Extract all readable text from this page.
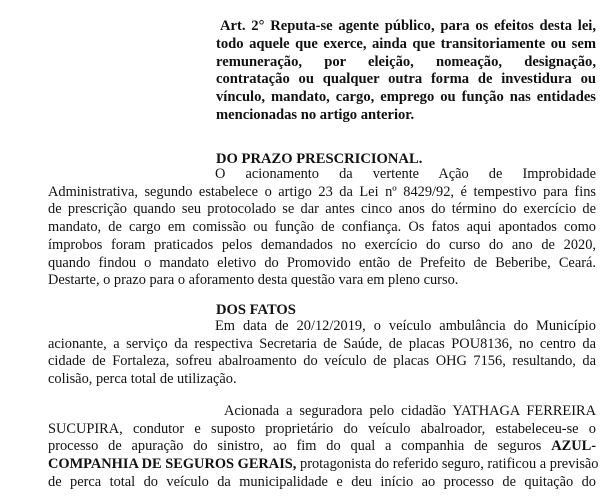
Art. 2° Reputa-se agente público, para os efeitos desta lei,
todo aquele que exerce, ainda que transitoriamente ou sem
remuneração, por eleição, nomeação, designação,
contratação ou qualquer outra forma de investidura ou
vínculo, mandato, cargo, emprego ou função nas entidades
mencionadas no artigo anterior.
DO PRAZO PRESCRICIONAL.
O acionamento da vertente Ação de Improbidade
Administrativa, segundo estabelece o artigo 23 da Lei nº 8429/92, é tempestivo para fins
de prescrição quando seu protocolado se dar antes cinco anos do término do exercício de
mandato, de cargo em comissão ou função de confiança. Os fatos aqui apontados como
ímprobos foram praticados pelos demandados no exercício do curso do ano de 2020,
quando findou o mandato eletivo do Promovido então de Prefeito de Beberibe, Ceará.
Destarte, o prazo para o aforamento desta questão vara em pleno curso.
DOS FATOS
Em data de 20/12/2019, o veículo ambulância do Município
acionante, a serviço da respectiva Secretaria de Saúde, de placas POU8136, no centro da
cidade de Fortaleza, sofreu abalroamento do veículo de placas OHG 7156, resultando, da
colisão, perca total de utilização.
Acionada a seguradora pelo cidadão YATHAGA FERREIRA
SUCUPIRA, condutor e suposto proprietário do veículo abalroador, estabeleceu-se o
processo de apuração do sinistro, ao fim do qual a companhia de seguros AZUL-
COMPANHIA DE SEGUROS GERAIS, protagonista do referido seguro, ratificou a previsão
de perca total do veículo da municipalidade e deu início ao processo de quitação do
